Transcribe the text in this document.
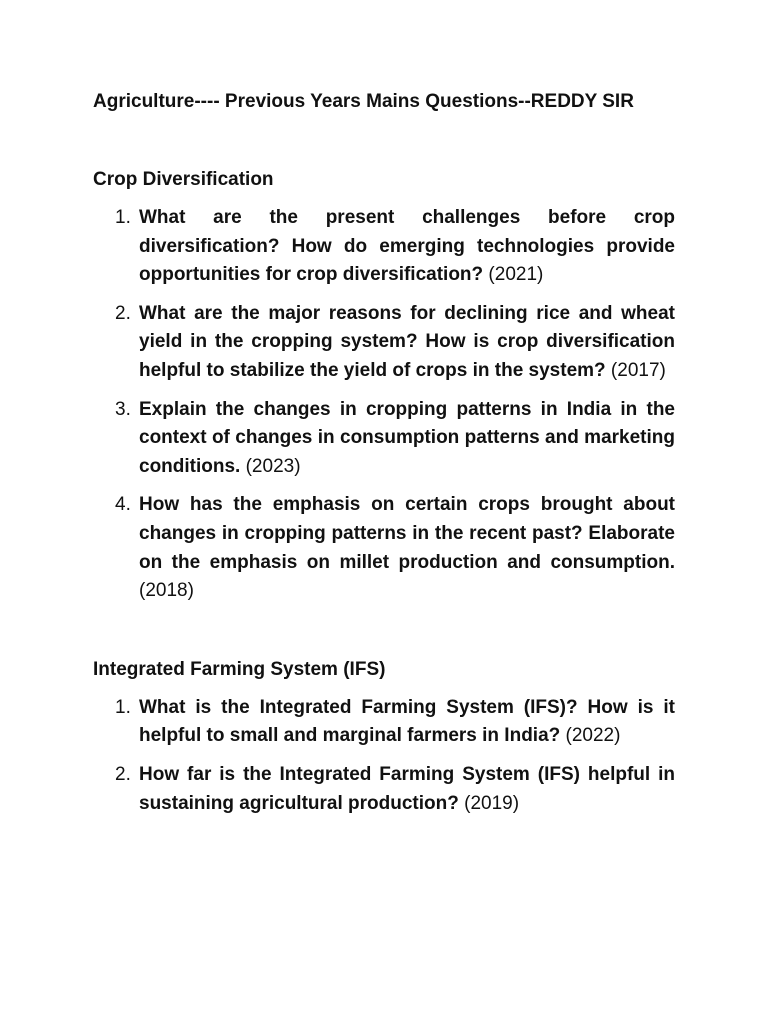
Agriculture---- Previous Years Mains Questions--REDDY SIR
Crop Diversification
1. What are the present challenges before crop diversification? How do emerging technologies provide opportunities for crop diversification? (2021)
2. What are the major reasons for declining rice and wheat yield in the cropping system? How is crop diversification helpful to stabilize the yield of crops in the system? (2017)
3. Explain the changes in cropping patterns in India in the context of changes in consumption patterns and marketing conditions. (2023)
4. How has the emphasis on certain crops brought about changes in cropping patterns in the recent past? Elaborate on the emphasis on millet production and consumption. (2018)
Integrated Farming System (IFS)
1. What is the Integrated Farming System (IFS)? How is it helpful to small and marginal farmers in India? (2022)
2. How far is the Integrated Farming System (IFS) helpful in sustaining agricultural production? (2019)
